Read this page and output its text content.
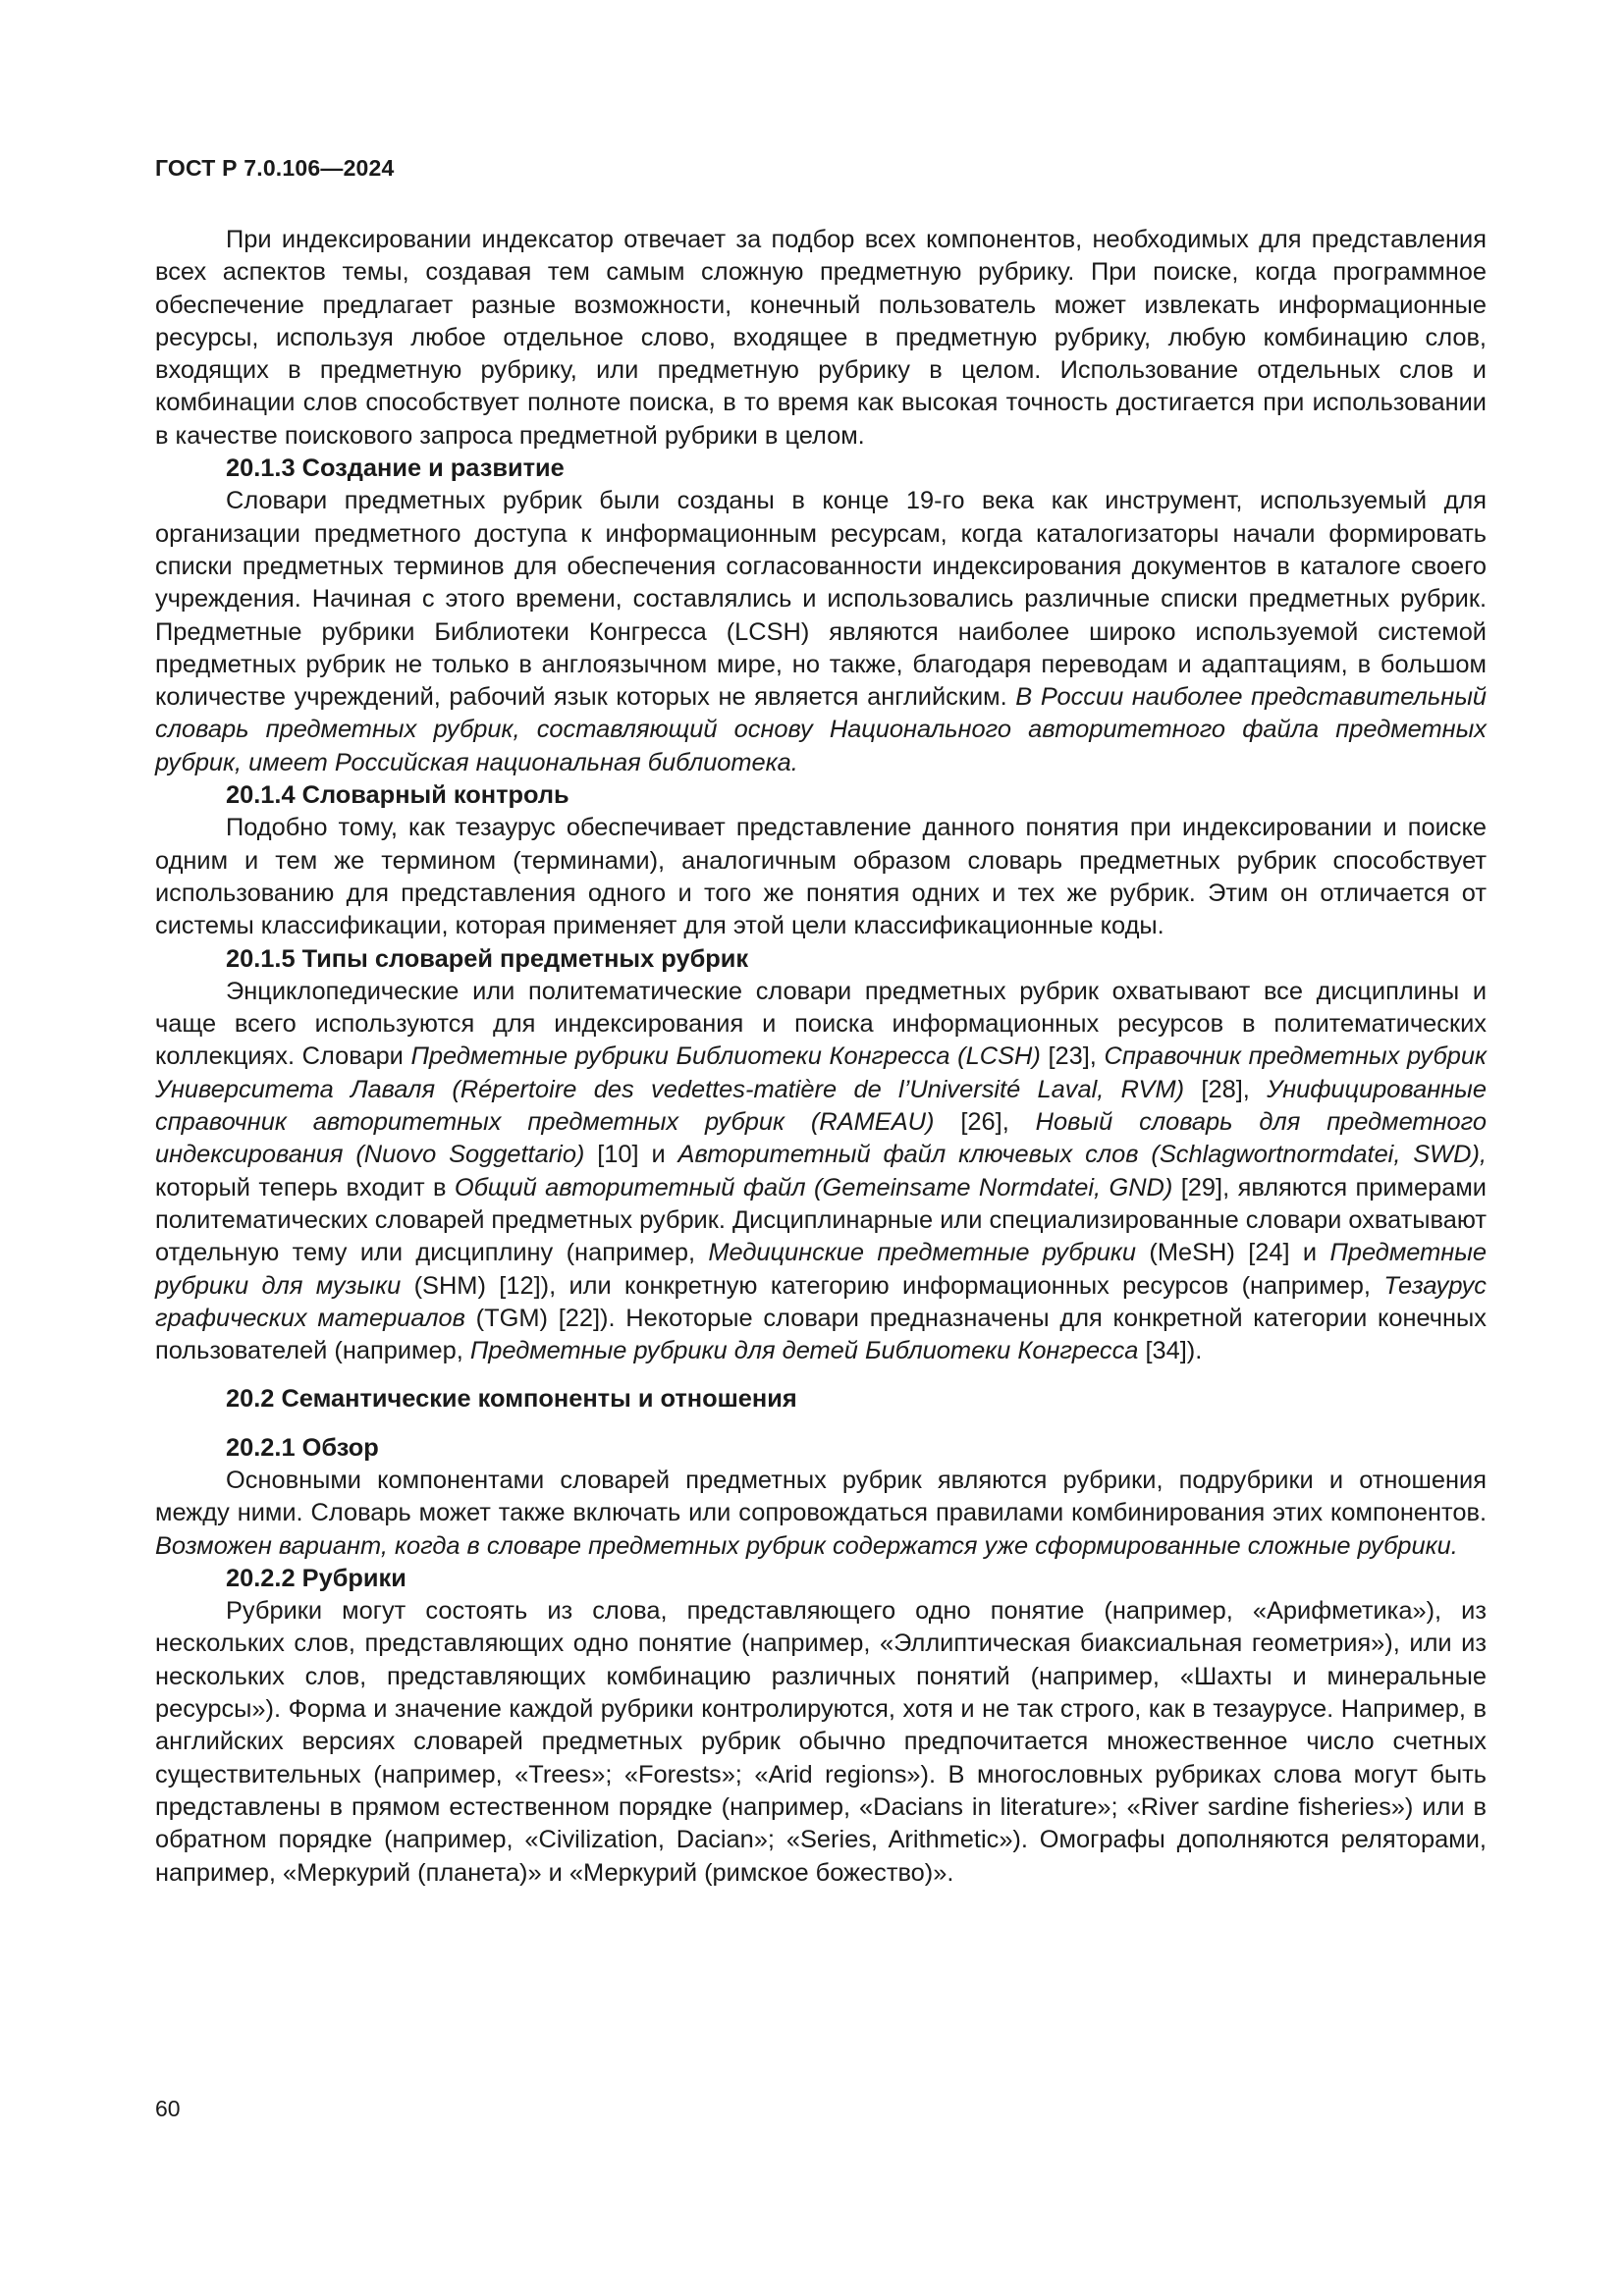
ГОСТ Р 7.0.106—2024

При индексировании индексатор отвечает за подбор всех компонентов, необходимых для представления всех аспектов темы, создавая тем самым сложную предметную рубрику. При поиске, когда программное обеспечение предлагает разные возможности, конечный пользователь может извлекать информационные ресурсы, используя любое отдельное слово, входящее в предметную рубрику, любую комбинацию слов, входящих в предметную рубрику, или предметную рубрику в целом. Использование отдельных слов и комбинации слов способствует полноте поиска, в то время как высокая точность достигается при использовании в качестве поискового запроса предметной рубрики в целом.

20.1.3 Создание и развитие

Словари предметных рубрик были созданы в конце 19-го века как инструмент, используемый для организации предметного доступа к информационным ресурсам, когда каталогизаторы начали формировать списки предметных терминов для обеспечения согласованности индексирования документов в каталоге своего учреждения. Начиная с этого времени, составлялись и использовались различные списки предметных рубрик. Предметные рубрики Библиотеки Конгресса (LCSH) являются наиболее широко используемой системой предметных рубрик не только в англоязычном мире, но также, благодаря переводам и адаптациям, в большом количестве учреждений, рабочий язык которых не является английским. В России наиболее представительный словарь предметных рубрик, составляющий основу Национального авторитетного файла предметных рубрик, имеет Российская национальная библиотека.

20.1.4 Словарный контроль

Подобно тому, как тезаурус обеспечивает представление данного понятия при индексировании и поиске одним и тем же термином (терминами), аналогичным образом словарь предметных рубрик способствует использованию для представления одного и того же понятия одних и тех же рубрик. Этим он отличается от системы классификации, которая применяет для этой цели классификационные коды.

20.1.5 Типы словарей предметных рубрик

Энциклопедические или политематические словари предметных рубрик охватывают все дисциплины и чаще всего используются для индексирования и поиска информационных ресурсов в политематических коллекциях. Словари Предметные рубрики Библиотеки Конгресса (LCSH) [23], Справочник предметных рубрик Университета Лаваля (Répertoire des vedettes-matière de l’Université Laval, RVM) [28], Унифицированные справочник авторитетных предметных рубрик (RAMEAU) [26], Новый словарь для предметного индексирования (Nuovo Soggettario) [10] и Авторитетный файл ключевых слов (Schlagwortnormdatei, SWD), который теперь входит в Общий авторитетный файл (Gemeinsame Normdatei, GND) [29], являются примерами политематических словарей предметных рубрик. Дисциплинарные или специализированные словари охватывают отдельную тему или дисциплину (например, Медицинские предметные рубрики (MeSH) [24] и Предметные рубрики для музыки (SHM) [12]), или конкретную категорию информационных ресурсов (например, Тезаурус графических материалов (TGM) [22]). Некоторые словари предназначены для конкретной категории конечных пользователей (например, Предметные рубрики для детей Библиотеки Конгресса [34]).

20.2 Семантические компоненты и отношения
20.2.1 Обзор

Основными компонентами словарей предметных рубрик являются рубрики, подрубрики и отношения между ними. Словарь может также включать или сопровождаться правилами комбинирования этих компонентов. Возможен вариант, когда в словаре предметных рубрик содержатся уже сформированные сложные рубрики.

20.2.2 Рубрики

Рубрики могут состоять из слова, представляющего одно понятие (например, «Арифметика»), из нескольких слов, представляющих одно понятие (например, «Эллиптическая биаксиальная геометрия»), или из нескольких слов, представляющих комбинацию различных понятий (например, «Шахты и минеральные ресурсы»). Форма и значение каждой рубрики контролируются, хотя и не так строго, как в тезаурусе. Например, в английских версиях словарей предметных рубрик обычно предпочитается множественное число счетных существительных (например, «Trees»; «Forests»; «Arid regions»). В многословных рубриках слова могут быть представлены в прямом естественном порядке (например, «Dacians in literature»; «River sardine fisheries») или в обратном порядке (например, «Civilization, Dacian»; «Series, Arithmetic»). Омографы дополняются реляторами, например, «Меркурий (планета)» и «Меркурий (римское божество)».

60
